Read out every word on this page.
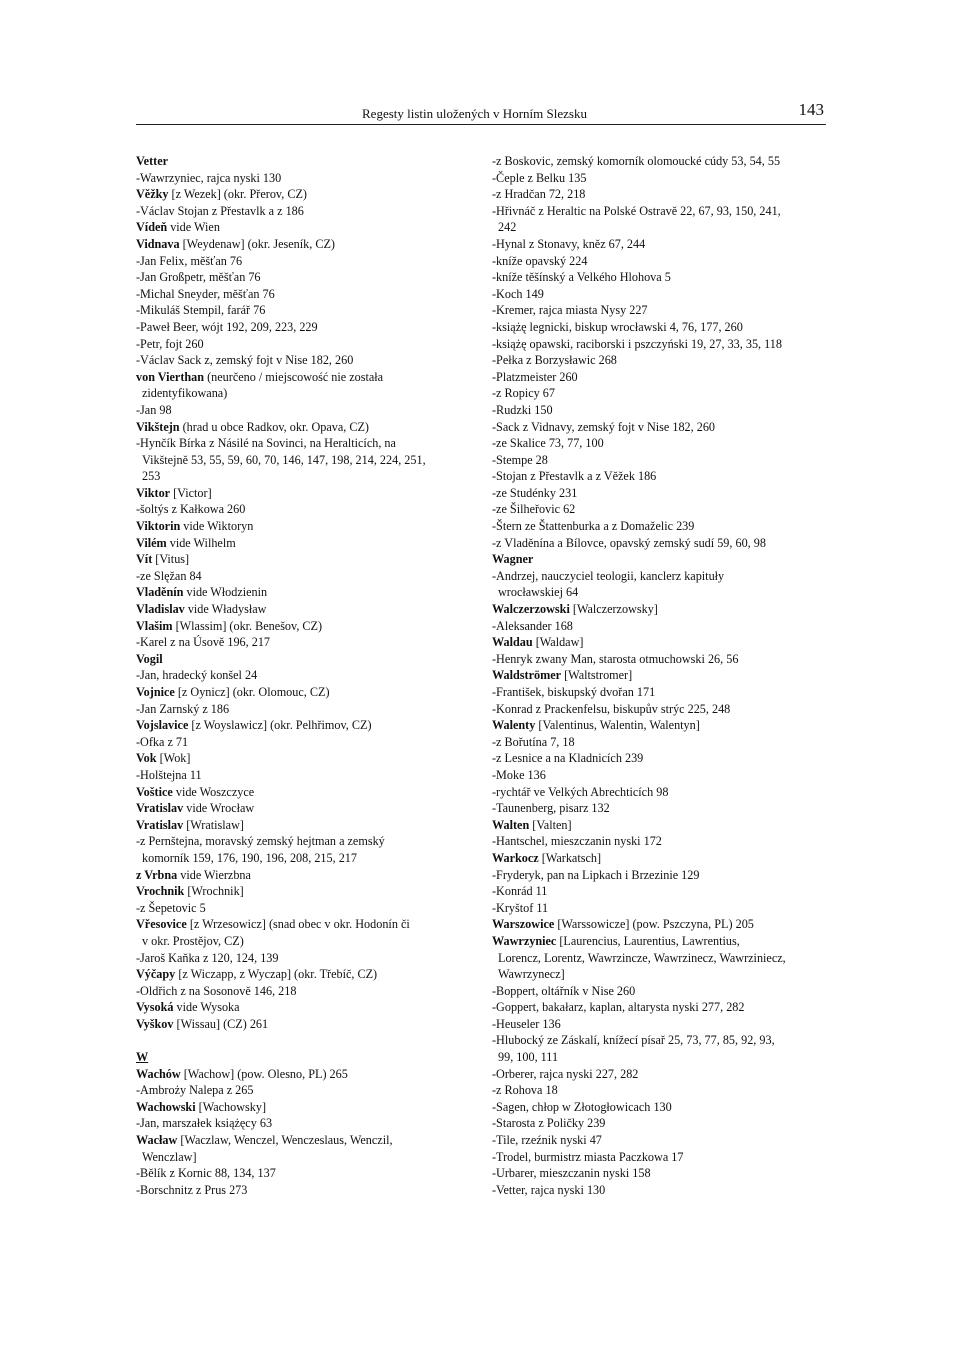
Regesty listin uložených v Horním Slezsku	143
Vetter
-Wawrzyniec, rajca nyski 130
Věžky [z Wezek] (okr. Přerov, CZ)
-Václav Stojan z Přestavlk a z 186
Vídeň vide Wien
Vidnava [Weydenaw] (okr. Jeseník, CZ)
-Jan Felix, měšťan 76
-Jan Großpetr, měšťan 76
-Michal Sneyder, měšťan 76
-Mikuláš Stempil, farář 76
-Paweł Beer, wójt 192, 209, 223, 229
-Petr, fojt 260
-Václav Sack z, zemský fojt v Nise 182, 260
von Vierthan (neurčeno / miejscowość nie została
zidentyfikowana)
-Jan 98
Vikštejn (hrad u obce Radkov, okr. Opava, CZ)
-Hynčík Bírka z Násilé na Sovinci, na Heralticích, na
Vikštejně 53, 55, 59, 60, 70, 146, 147, 198, 214, 224, 251,
253
Viktor [Victor]
-šoltýs z Kałkowa 260
Viktorin vide Wiktoryn
Vilém vide Wilhelm
Vít [Vitus]
-ze Slęžan 84
Vladěnín vide Włodzienin
Vladislav vide Władysław
Vlašim [Wlassim] (okr. Benešov, CZ)
-Karel z na Úsově 196, 217
Vogil
-Jan, hradecký konšel 24
Vojnice [z Oynicz] (okr. Olomouc, CZ)
-Jan Zarnský z 186
Vojslavice [z Woyslawicz] (okr. Pelhřimov, CZ)
-Ofka z 71
Vok [Wok]
-Holštejna 11
Voštice vide Woszczyce
Vratislav vide Wrocław
Vratislav [Wratislaw]
-z Pernštejna, moravský zemský hejtman a zemský
komorník 159, 176, 190, 196, 208, 215, 217
z Vrbna vide Wierzbna
Vrochnik [Wrochnik]
-z Šepetovic 5
Vřesovice [z Wrzesowicz] (snad obec v okr. Hodonín či
v okr. Prostějov, CZ)
-Jaroš Kaňka z 120, 124, 139
Výčapy [z Wiczapp, z Wyczap] (okr. Třebíč, CZ)
-Oldřich z na Sosonově 146, 218
Vysoká vide Wysoka
Vyškov [Wissau] (CZ) 261
W
Wachów [Wachow] (pow. Olesno, PL) 265
-Ambroży Nalepa z 265
Wachowski [Wachowsky]
-Jan, marszałek książęcy 63
Wacław [Waczlaw, Wenczel, Wenczeslaus, Wenczil,
Wenczlaw]
-Bělík z Kornic 88, 134, 137
-Borschnitz z Prus 273
-z Boskovic, zemský komorník olomoucké cúdy 53, 54, 55
-Čeple z Belku 135
-z Hradčan 72, 218
-Hřivnáč z Heraltic na Polské Ostravě 22, 67, 93, 150, 241,
242
-Hynal z Stonavy, kněz 67, 244
-kníže opavský 224
-kníže těšínský a Velkého Hlohova 5
-Koch 149
-Kremer, rajca miasta Nysy 227
-książę legnicki, biskup wrocławski 4, 76, 177, 260
-książę opawski, raciborski i pszczyński 19, 27, 33, 35, 118
-Pełka z Borzysławic 268
-Platzmeister 260
-z Ropicy 67
-Rudzki 150
-Sack z Vidnavy, zemský fojt v Nise 182, 260
-ze Skalice 73, 77, 100
-Stempe 28
-Stojan z Přestavlk a z Věžek 186
-ze Studénky 231
-ze Šilheřovic 62
-Štern ze Štattenburka a z Domaželic 239
-z Vladěnína a Bílovce, opavský zemský sudí 59, 60, 98
Wagner
-Andrzej, nauczyciel teologii, kanclerz kapituły
wrocławskiej 64
Walczerzowski [Walczerzowsky]
-Aleksander 168
Waldau [Waldaw]
-Henryk zwany Man, starosta otmuchowski 26, 56
Waldströmer [Waltstromer]
-František, biskupský dvořan 171
-Konrad z Prackenfelsu, biskupův strýc 225, 248
Walenty [Valentinus, Walentin, Walentyn]
-z Bořutína 7, 18
-z Lesnice a na Kladnicích 239
-Moke 136
-rychtář ve Velkých Abrechticích 98
-Taunenberg, pisarz 132
Walten [Valten]
-Hantschel, mieszczanin nyski 172
Warkocz [Warkatsch]
-Fryderyk, pan na Lipkach i Brzezinie 129
-Konrád 11
-Kryštof 11
Warszowice [Warssowicze] (pow. Pszczyna, PL) 205
Wawrzyniec [Laurencius, Laurentius, Lawrentius,
Lorencz, Lorentz, Wawrzincze, Wawrzinecz, Wawrziniecz,
Wawrzynecz]
-Boppert, oltářník v Nise 260
-Goppert, bakałarz, kaplan, altarysta nyski 277, 282
-Heuseler 136
-Hlubocký ze Záskalí, knížecí písař 25, 73, 77, 85, 92, 93,
99, 100, 111
-Orberer, rajca nyski 227, 282
-z Rohova 18
-Sagen, chłop w Złotogłowicach 130
-Starosta z Poličky 239
-Tile, rzeźnik nyski 47
-Trodel, burmistrz miasta Paczkowa 17
-Urbarer, mieszczanin nyski 158
-Vetter, rajca nyski 130
